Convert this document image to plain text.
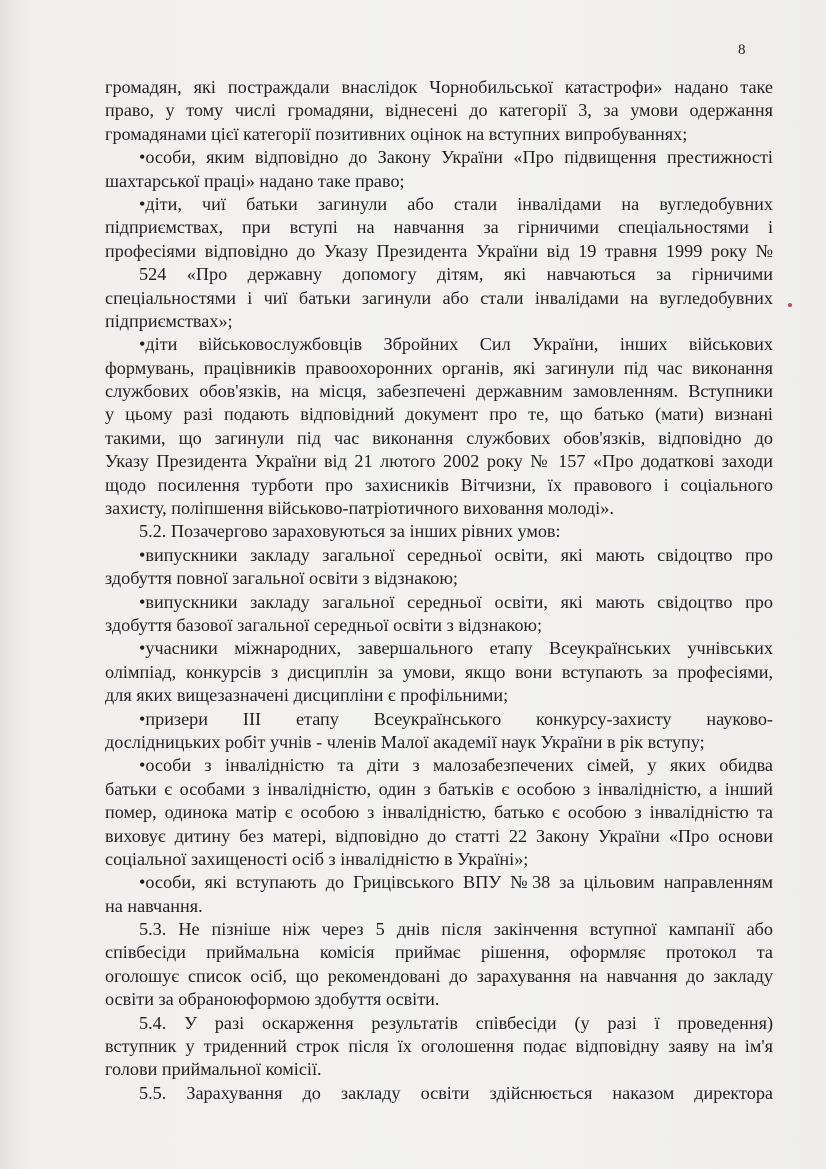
8
громадян, які постраждали внаслідок Чорнобильської катастрофи» надано таке
право, у тому числі громадяни, віднесені до категорії 3, за умови одержання
громадянами цієї категорії позитивних оцінок на вступних випробуваннях;
•особи, яким відповідно до Закону України «Про підвищення престижності
шахтарської праці» надано таке право;
•діти, чиї батьки загинули або стали інвалідами на вугледобувних
підприємствах, при вступі на навчання за гірничими спеціальностями і
професіями відповідно до Указу Президента України від 19 травня 1999 року №
524 «Про державну допомогу дітям, які навчаються за гірничими
спеціальностями і чиї батьки загинули або стали інвалідами на вугледобувних
підприємствах»;
•діти військовослужбовців Збройних Сил України, інших військових
формувань, працівників правоохоронних органів, які загинули під час виконання
службових обов'язків, на місця, забезпечені державним замовленням. Вступники
у цьому разі подають відповідний документ про те, що батько (мати) визнані
такими, що загинули під час виконання службових обов'язків, відповідно до
Указу Президента України від 21 лютого 2002 року № 157 «Про додаткові заходи
щодо посилення турботи про захисників Вітчизни, їх правового і соціального
захисту, поліпшення військово-патріотичного виховання молоді».
5.2. Позачергово зараховуються за інших рівних умов:
•випускники закладу загальної середньої освіти, які мають свідоцтво про
здобуття повної загальної освіти з відзнакою;
•випускники закладу загальної середньої освіти, які мають свідоцтво про
здобуття базової загальної середньої освіти з відзнакою;
•учасники міжнародних, завершального етапу Всеукраїнських учнівських
олімпіад, конкурсів з дисциплін за умови, якщо вони вступають за професіями,
для яких вищезазначені дисципліни є профільними;
•призери ІІІ етапу Всеукраїнського конкурсу-захисту науково-
дослідницьких робіт учнів - членів Малої академії наук України в рік вступу;
•особи з інвалідністю та діти з малозабезпечених сімей, у яких обидва
батьки є особами з інвалідністю, один з батьків є особою з інвалідністю, а інший
помер, одинока матір є особою з інвалідністю, батько є особою з інвалідністю та
виховує дитину без матері, відповідно до статті 22 Закону України «Про основи
соціальної захищеності осіб з інвалідністю в Україні»;
•особи, які вступають до Грицівського ВПУ №38 за цільовим направленням
на навчання.
5.3. Не пізніше ніж через 5 днів після закінчення вступної кампанії або
співбесіди приймальна комісія приймає рішення, оформляє протокол та
оголошує список осіб, що рекомендовані до зарахування на навчання до закладу
освіти за обраноюформою здобуття освіти.
5.4. У разі оскарження результатів співбесіди (у разі ї проведення)
вступник у триденний строк після їх оголошення подає відповідну заяву на ім'я
голови приймальної комісії.
5.5. Зарахування до закладу освіти здійснюється наказом директора
